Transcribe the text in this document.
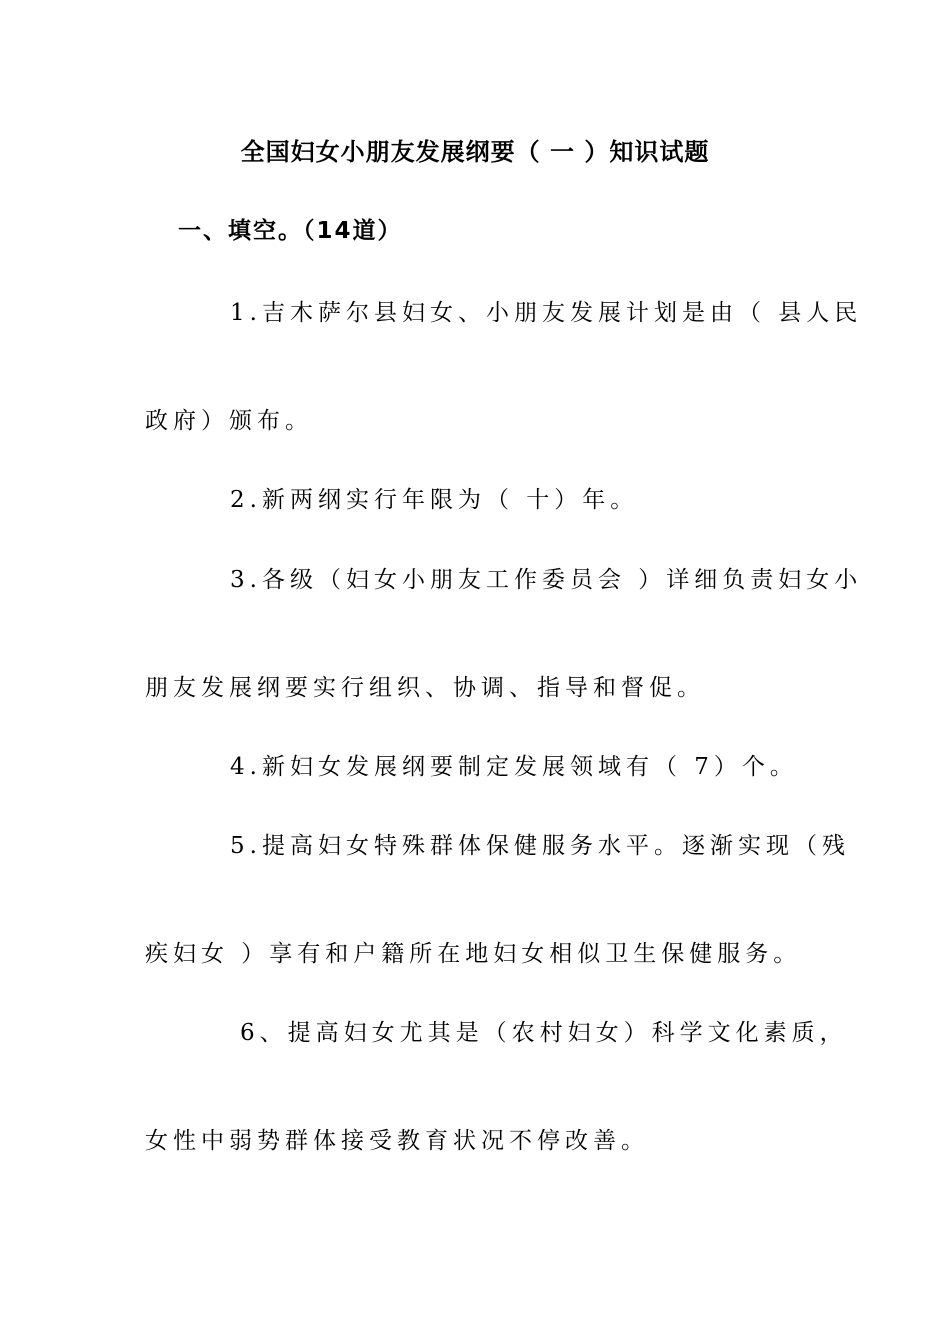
全国妇女小朋友发展纲要（ 一 ）知识试题
一、填空。（14道）
1.吉木萨尔县妇女、小朋友发展计划是由（ 县人民
政府）颁布。
2.新两纲实行年限为（ 十）年。
3.各级（妇女小朋友工作委员会 ）详细负责妇女小
朋友发展纲要实行组织、协调、指导和督促。
4.新妇女发展纲要制定发展领域有（ 7）个。
5.提高妇女特殊群体保健服务水平。逐渐实现（残
疾妇女 ）享有和户籍所在地妇女相似卫生保健服务。
6、提高妇女尤其是（农村妇女）科学文化素质，
女性中弱势群体接受教育状况不停改善。
